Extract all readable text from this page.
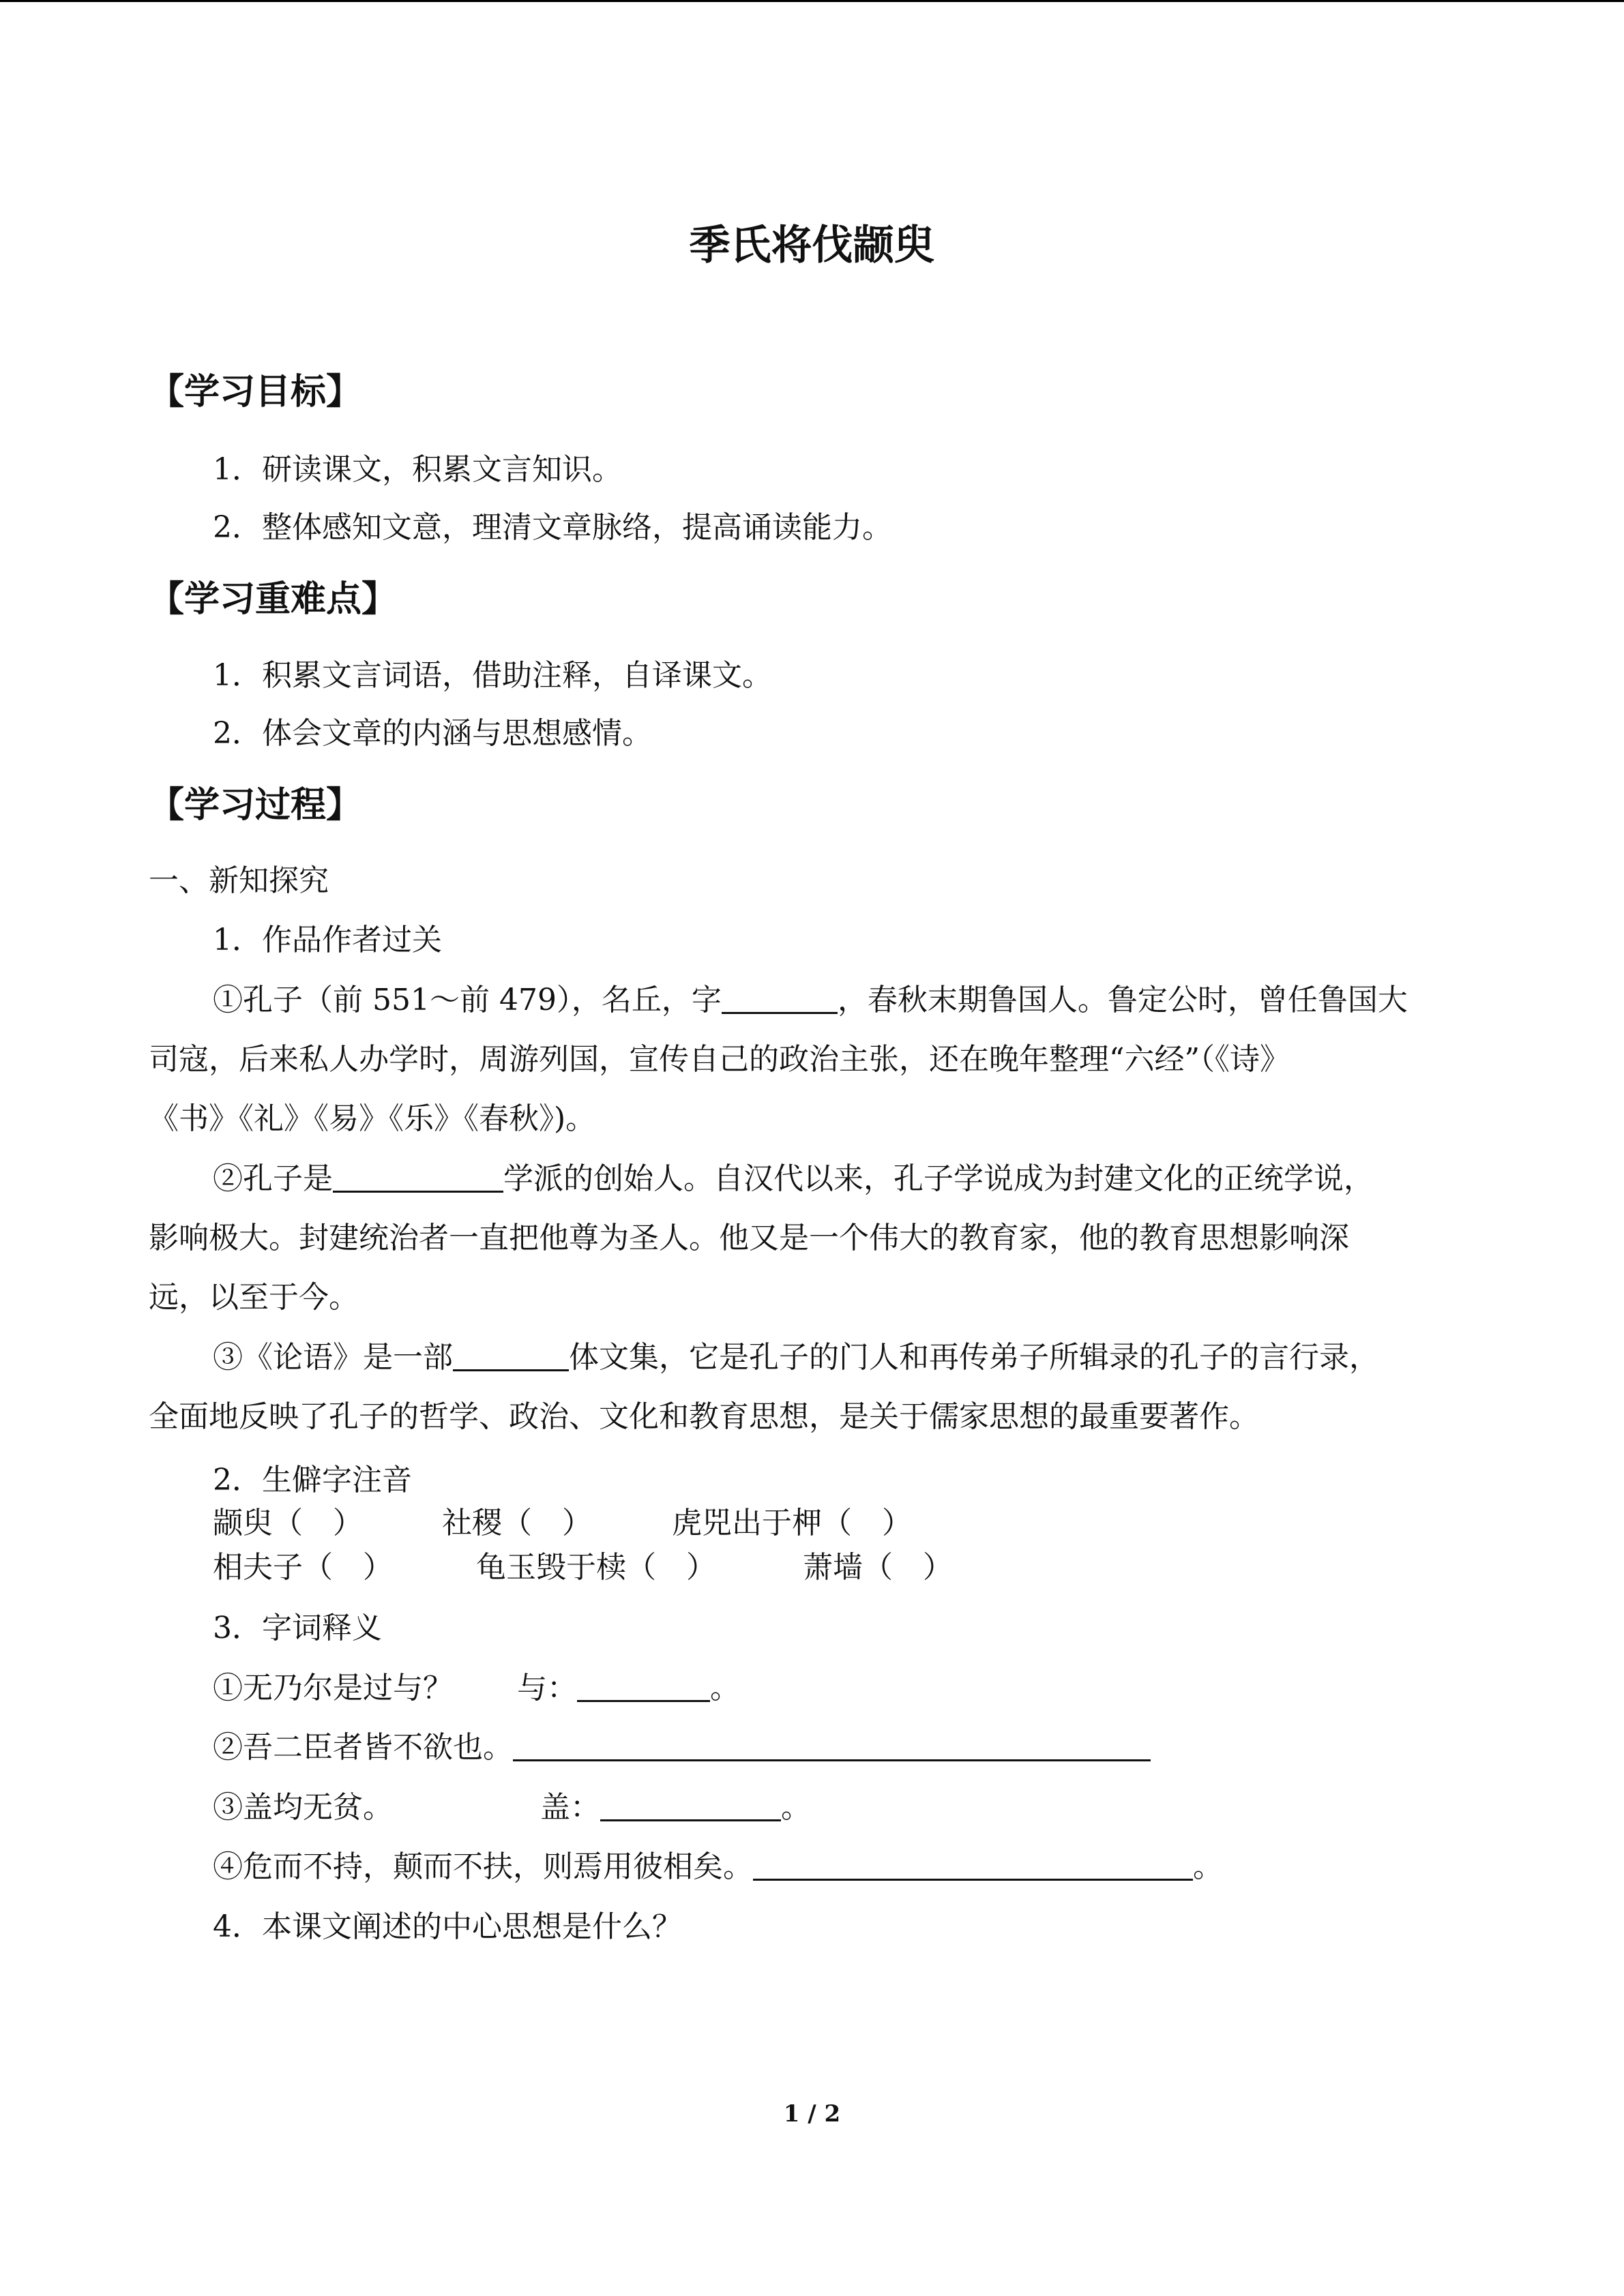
季氏将伐颛臾
【学习目标】
1．研读课文，积累文言知识。
2．整体感知文意，理清文章脉络，提高诵读能力。
【学习重难点】
1．积累文言词语，借助注释，自译课文。
2．体会文章的内涵与思想感情。
【学习过程】
一、新知探究
1．作品作者过关
①孔子（前 551～前 479），名丘，字	，春秋末期鲁国人。鲁定公时，曾任鲁国大
司寇，后来私人办学时，周游列国，宣传自己的政治主张，还在晚年整理“六经”（《诗》
《书》《礼》《易》《乐》《春秋》)。
②孔子是	学派的创始人。自汉代以来，孔子学说成为封建文化的正统学说，
影响极大。封建统治者一直把他尊为圣人。他又是一个伟大的教育家，他的教育思想影响深
远，以至于今。
③《论语》是一部	体文集，它是孔子的门人和再传弟子所辑录的孔子的言行录，
全面地反映了孔子的哲学、政治、文化和教育思想，是关于儒家思想的最重要著作。
2．生僻字注音
颛臾（　）	社稷（　）	虎兕出于柙（　）
相夫子（　）	龟玉毁于椟（　）	萧墙（　）
3．字词释义
①无乃尔是过与？ 与：	。
②吾二臣者皆不欲也。
③盖均无贫。	盖：	。
④危而不持，颠而不扶，则焉用彼相矣。	。
4．本课文阐述的中心思想是什么？
1 / 2
